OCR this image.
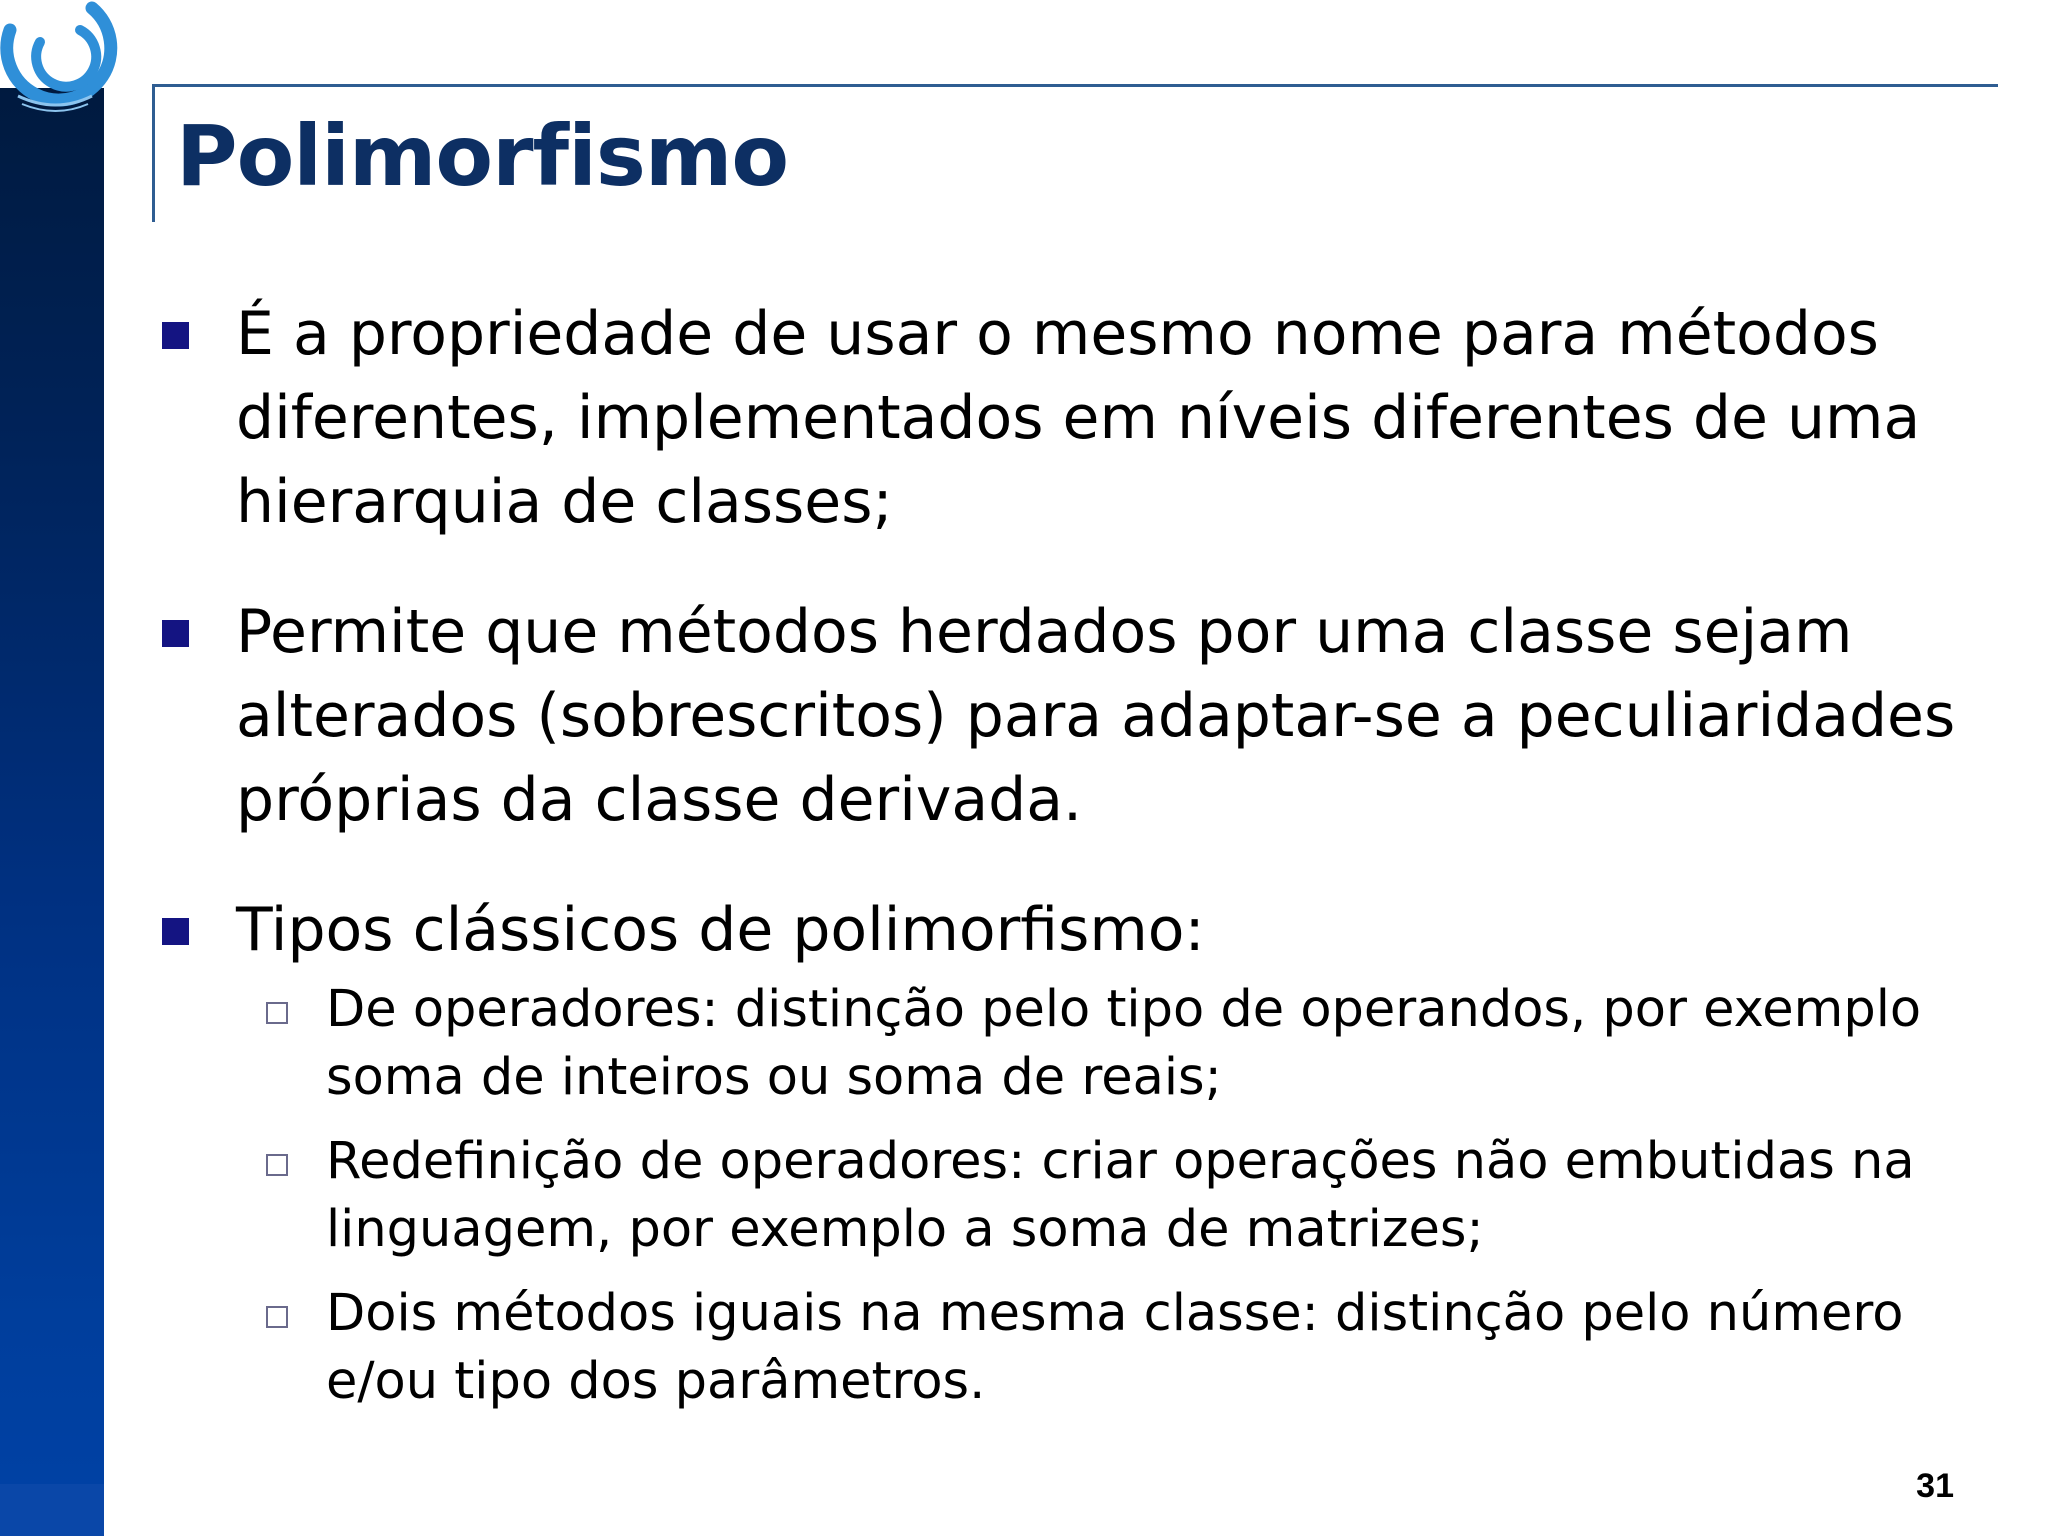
Polimorfismo
É a propriedade de usar o mesmo nome para métodos diferentes, implementados em níveis diferentes de uma hierarquia de classes;
Permite que métodos herdados por uma classe sejam alterados (sobrescritos) para adaptar-se a peculiaridades próprias da classe derivada.
Tipos clássicos de polimorfismo:
De operadores: distinção pelo tipo de operandos, por exemplo soma de inteiros ou soma de reais;
Redefinição de operadores: criar operações não embutidas na linguagem, por exemplo a soma de matrizes;
Dois métodos iguais na mesma classe: distinção pelo número e/ou tipo dos parâmetros.
31
